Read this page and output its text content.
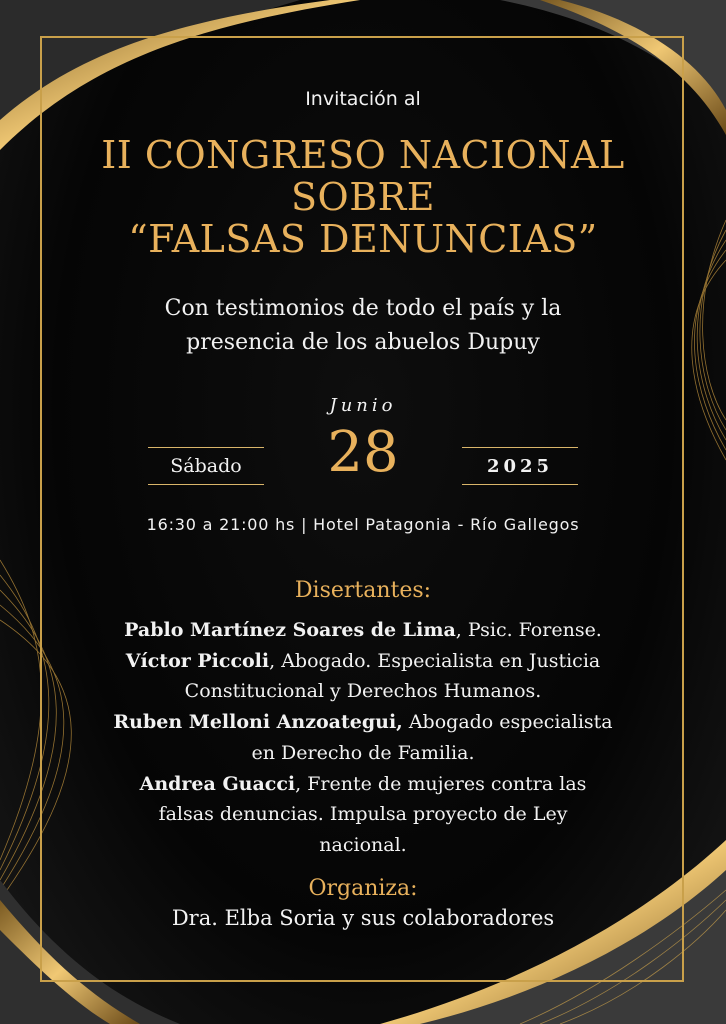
Invitación al
II CONGRESO NACIONAL
SOBRE
“FALSAS DENUNCIAS”
Con testimonios de todo el país y la
presencia de los abuelos Dupuy
Junio
28
Sábado	2025
16:30 a 21:00 hs | Hotel Patagonia - Río Gallegos
Disertantes:
Pablo Martínez Soares de Lima, Psic. Forense.
Víctor Piccoli, Abogado. Especialista en Justicia
Constitucional y Derechos Humanos.
Ruben Melloni Anzoategui, Abogado especialista
en Derecho de Familia.
Andrea Guacci, Frente de mujeres contra las
falsas denuncias. Impulsa proyecto de Ley
nacional.
Organiza:
Dra. Elba Soria y sus colaboradores
